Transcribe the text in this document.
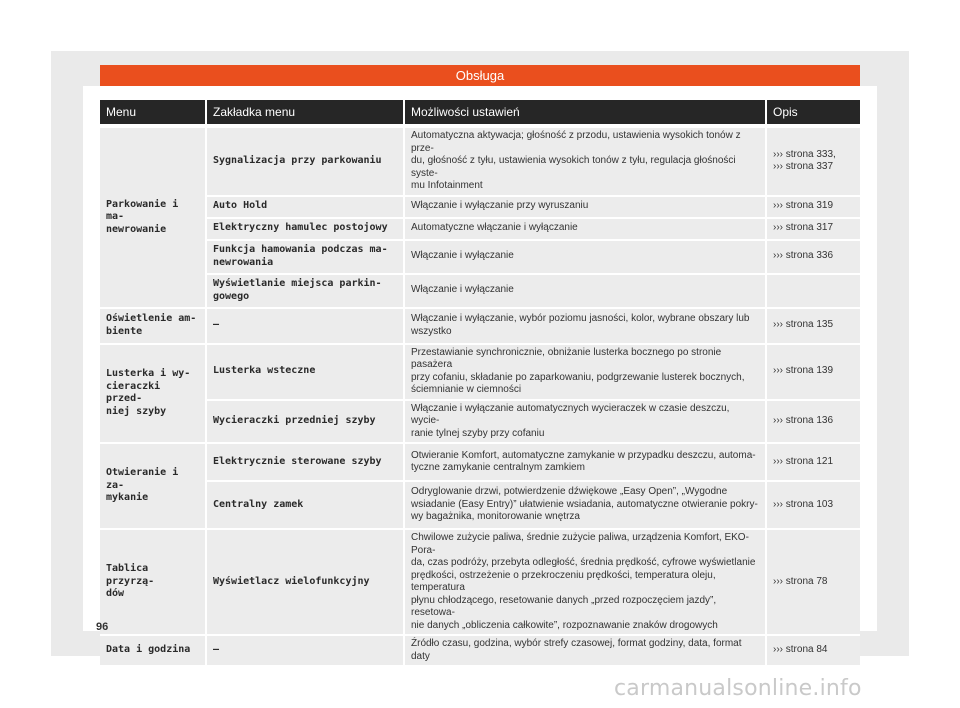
Obsługa
Menu	Zakładka menu	Możliwości ustawień	Opis
Parkowanie i ma-
newrowanie	Sygnalizacja przy parkowaniu	Automatyczna aktywacja; głośność z przodu, ustawienia wysokich tonów z prze-
du, głośność z tyłu, ustawienia wysokich tonów z tyłu, regulacja głośności syste-
mu Infotainment	››› strona 333,
››› strona 337
	Auto Hold	Włączanie i wyłączanie przy wyruszaniu	››› strona 319
	Elektryczny hamulec postojowy	Automatyczne włączanie i wyłączanie	››› strona 317
	Funkcja hamowania podczas ma-
newrowania	Włączanie i wyłączanie	››› strona 336
	Wyświetlanie miejsca parkin-
gowego	Włączanie i wyłączanie	
Oświetlenie am-
biente	–	Włączanie i wyłączanie, wybór poziomu jasności, kolor, wybrane obszary lub
wszystko	››› strona 135
Lusterka i wy-
cieraczki przed-
niej szyby	Lusterka wsteczne	Przestawianie synchronicznie, obniżanie lusterka bocznego po stronie pasażera
przy cofaniu, składanie po zaparkowaniu, podgrzewanie lusterek bocznych,
ściemnianie w ciemności	››› strona 139
	Wycieraczki przedniej szyby	Włączanie i wyłączanie automatycznych wycieraczek w czasie deszczu, wycie-
ranie tylnej szyby przy cofaniu	››› strona 136
Otwieranie i za-
mykanie	Elektrycznie sterowane szyby	Otwieranie Komfort, automatyczne zamykanie w przypadku deszczu, automa-
tyczne zamykanie centralnym zamkiem	››› strona 121
	Centralny zamek	Odryglowanie drzwi, potwierdzenie dźwiękowe „Easy Open”, „Wygodne
wsiadanie (Easy Entry)” ułatwienie wsiadania, automatyczne otwieranie pokry-
wy bagażnika, monitorowanie wnętrza	››› strona 103
Tablica przyrzą-
dów	Wyświetlacz wielofunkcyjny	Chwilowe zużycie paliwa, średnie zużycie paliwa, urządzenia Komfort, EKO-Pora-
da, czas podróży, przebyta odległość, średnia prędkość, cyfrowe wyświetlanie
prędkości, ostrzeżenie o przekroczeniu prędkości, temperatura oleju, temperatura
płynu chłodzącego, resetowanie danych „przed rozpoczęciem jazdy”, resetowa-
nie danych „obliczenia całkowite”, rozpoznawanie znaków drogowych	››› strona 78
Data i godzina	–	Źródło czasu, godzina, wybór strefy czasowej, format godziny, data, format daty	››› strona 84
96
carmanualsonline.info
